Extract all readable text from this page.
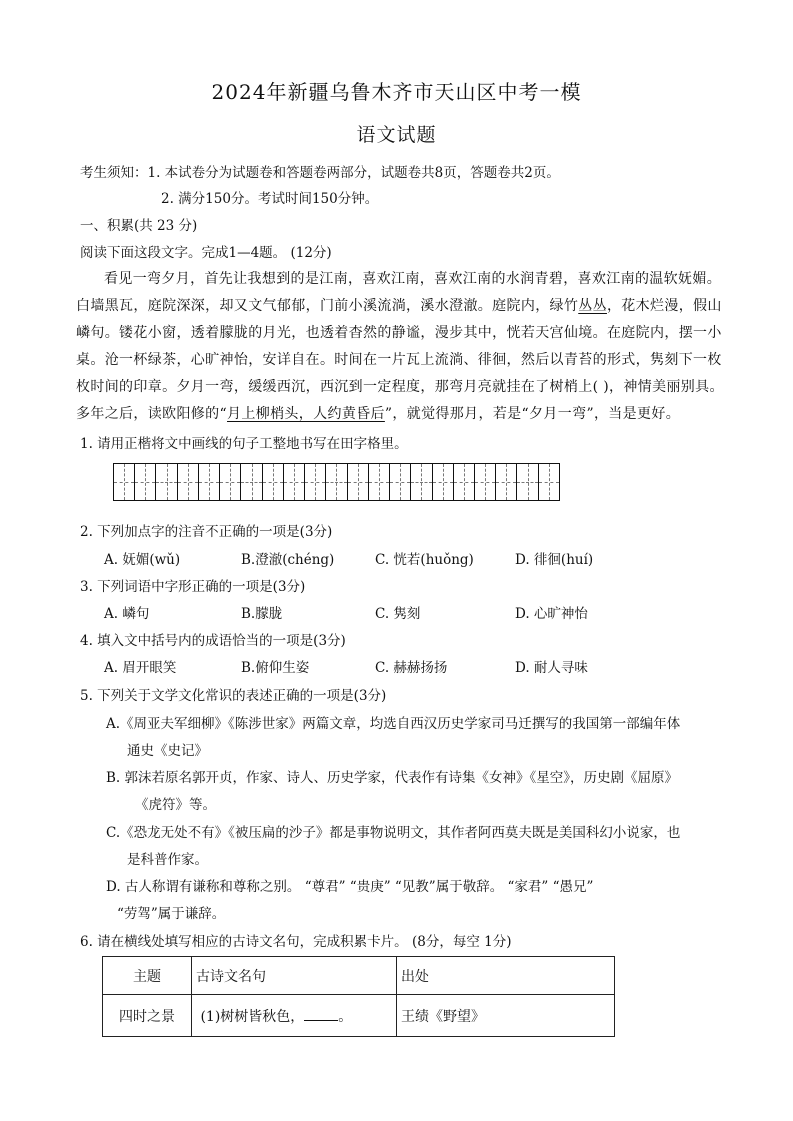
2024年新疆乌鲁木齐市天山区中考一模
语文试题
考生须知：1. 本试卷分为试题卷和答题卷两部分，试题卷共8页，答题卷共2页。
2. 满分150分。考试时间150分钟。
一、积累(共 23 分)
阅读下面这段文字。完成1—4题。 (12分)
看见一弯夕月，首先让我想到的是江南，喜欢江南，喜欢江南的水润青碧，喜欢江南的温软妩媚。
白墙黑瓦，庭院深深，却又文气郁郁，门前小溪流淌，溪水澄澈。庭院内，绿竹丛丛，花木烂漫，假山
嶙句。镂花小窗，透着朦胧的月光，也透着杳然的静谧，漫步其中，恍若天宫仙境。在庭院内，摆一小
桌。沧一杯绿茶，心旷神怡，安详自在。时间在一片瓦上流淌、徘徊，然后以青苔的形式，隽刻下一枚
枚时间的印章。夕月一弯，缓缓西沉，西沉到一定程度，那弯月亮就挂在了树梢上( )，神情美丽别具。
多年之后，读欧阳修的“月上柳梢头，人约黄昏后”，就觉得那月，若是“夕月一弯”，当是更好。
1. 请用正楷将文中画线的句子工整地书写在田字格里。
2. 下列加点字的注音不正确的一项是(3分)
A. 妩媚(wǔ)	B.澄澈(chéng)	C. 恍若(huǒng)	D. 徘徊(huí)
3. 下列词语中字形正确的一项是(3分)
A. 嶙句	B.朦胧	C. 隽刻	D. 心旷神怡
4. 填入文中括号内的成语恰当的一项是(3分)
A. 眉开眼笑	B.俯仰生姿	C. 赫赫扬扬	D. 耐人寻味
5. 下列关于文学文化常识的表述正确的一项是(3分)
A.《周亚夫军细柳》《陈涉世家》两篇文章，均选自西汉历史学家司马迁撰写的我国第一部编年体
通史《史记》
B. 郭沫若原名郭开贞，作家、诗人、历史学家，代表作有诗集《女神》《星空》，历史剧《屈原》
《虎符》等。
C.《恐龙无处不有》《被压扁的沙子》都是事物说明文，其作者阿西莫夫既是美国科幻小说家，也
是科普作家。
D. 古人称谓有谦称和尊称之别。 “尊君” “贵庚” “见教”属于敬辞。 “家君” “愚兄”
“劳驾”属于谦辞。
6. 请在横线处填写相应的古诗文名句，完成积累卡片。 (8分，每空 1分)
主题	古诗文名句	出处
四时之景	(1)树树皆秋色， 。	王绩《野望》
